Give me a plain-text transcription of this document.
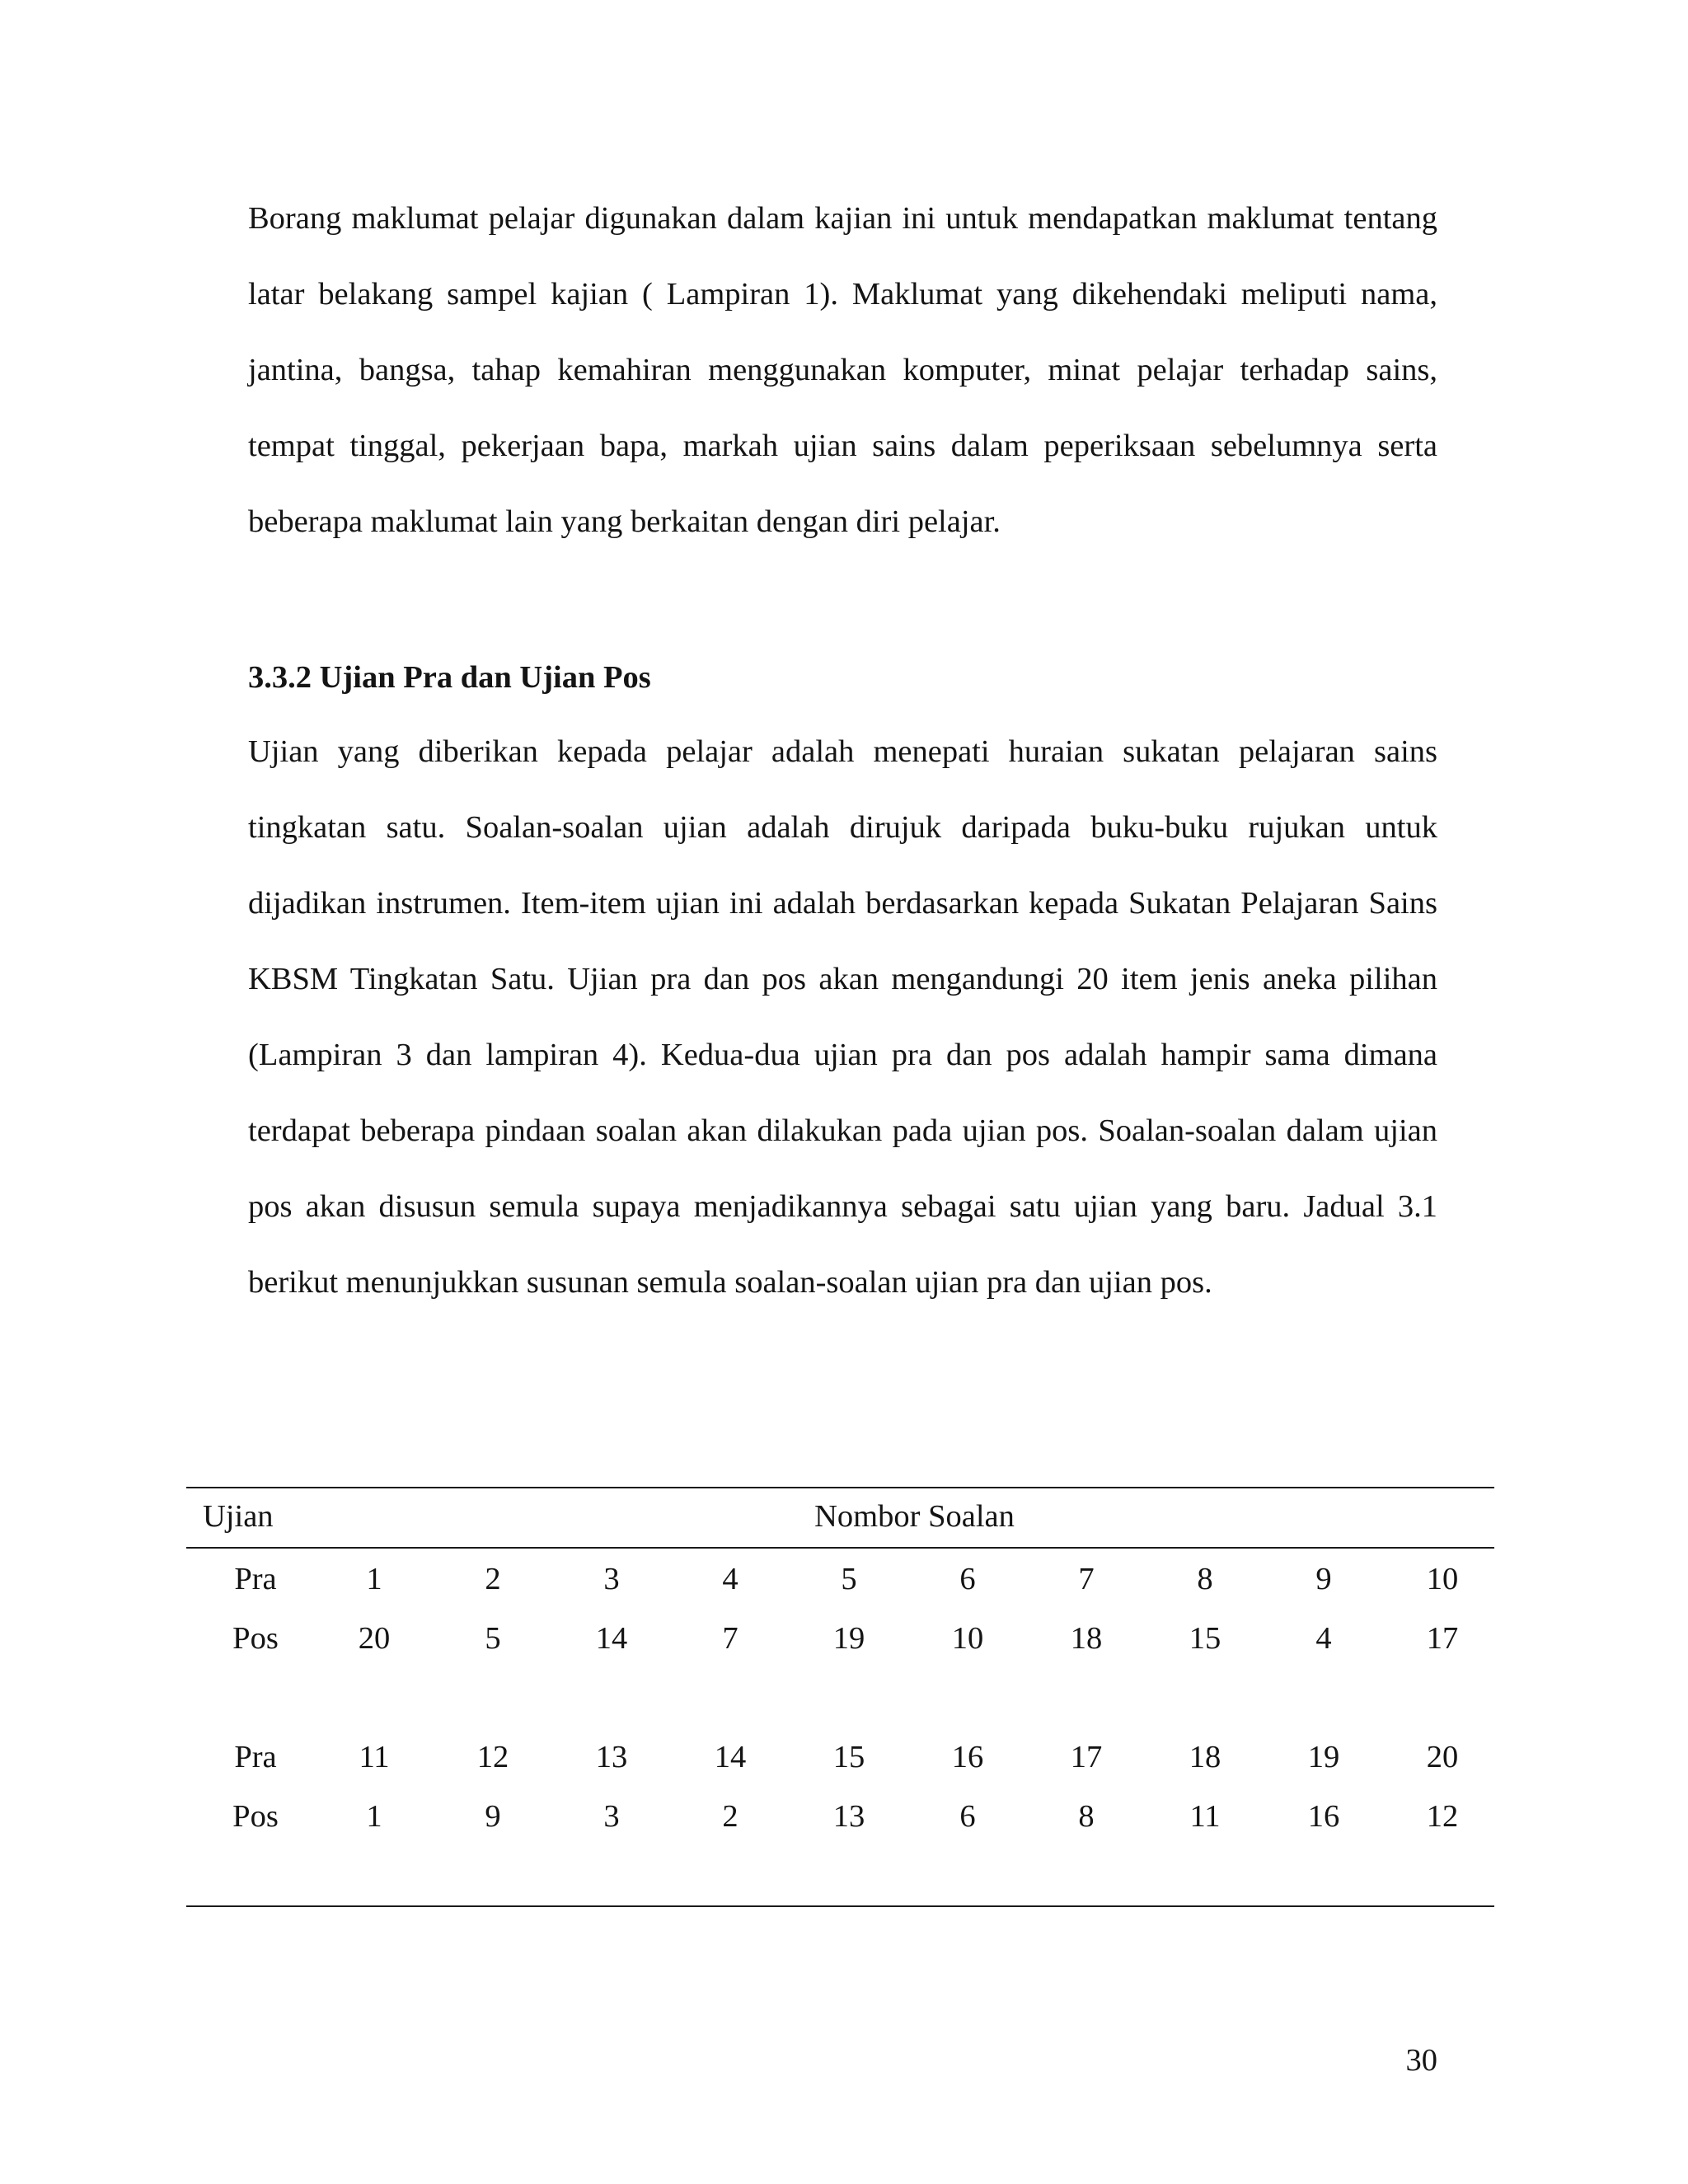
Borang maklumat pelajar digunakan dalam kajian ini untuk mendapatkan maklumat tentang latar belakang sampel kajian ( Lampiran 1). Maklumat yang dikehendaki meliputi nama, jantina, bangsa, tahap kemahiran menggunakan komputer, minat pelajar terhadap sains, tempat tinggal, pekerjaan bapa, markah ujian sains dalam peperiksaan sebelumnya serta beberapa maklumat lain yang berkaitan dengan diri pelajar.

3.3.2 Ujian Pra dan Ujian Pos

Ujian yang diberikan kepada pelajar adalah menepati huraian sukatan pelajaran sains tingkatan satu. Soalan-soalan ujian adalah dirujuk daripada buku-buku rujukan untuk dijadikan instrumen. Item-item ujian ini adalah berdasarkan kepada Sukatan Pelajaran Sains KBSM Tingkatan Satu. Ujian pra dan pos akan mengandungi 20 item jenis aneka pilihan (Lampiran 3 dan lampiran 4). Kedua-dua ujian pra dan pos adalah hampir sama dimana terdapat beberapa pindaan soalan akan dilakukan pada ujian pos. Soalan-soalan dalam ujian pos akan disusun semula supaya menjadikannya sebagai satu ujian yang baru. Jadual 3.1 berikut menunjukkan susunan semula soalan-soalan ujian pra dan ujian pos.

Ujian	Nombor Soalan
Pra	1	2	3	4	5	6	7	8	9	10
Pos	20	5	14	7	19	10	18	15	4	17
Pra	11	12	13	14	15	16	17	18	19	20
Pos	1	9	3	2	13	6	8	11	16	12
30
